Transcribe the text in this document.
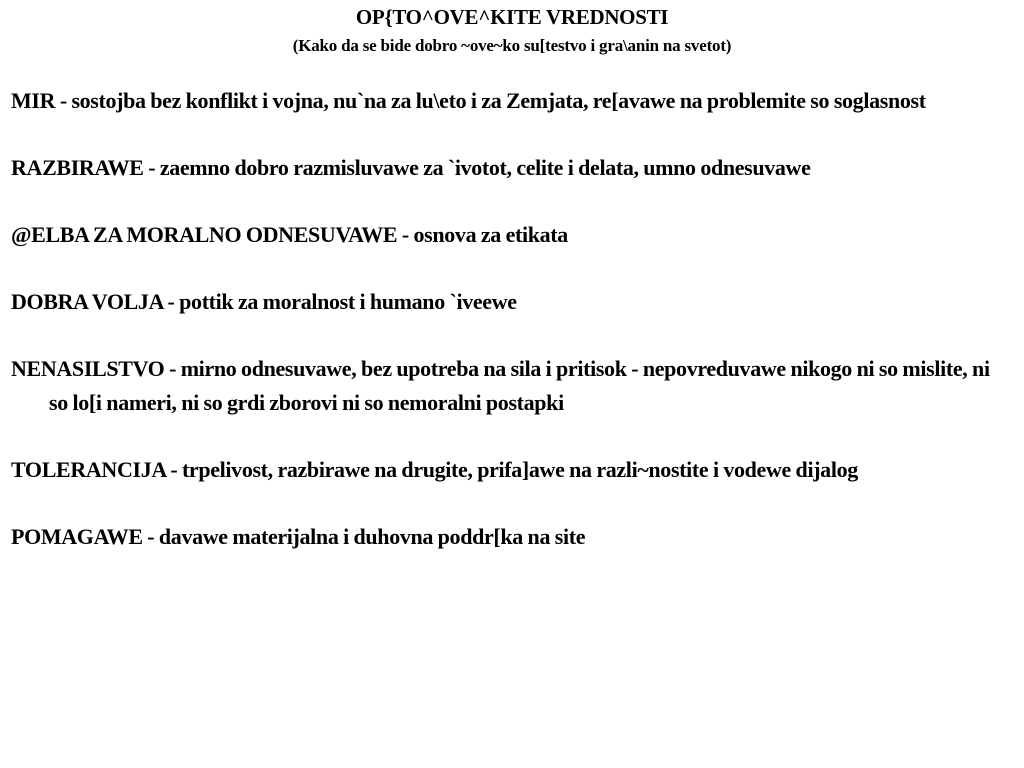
OP{TO^OVE^KITE VREDNOSTI
(Kako da se bide dobro ~ove~ko su[testvo i gra\anin na svetot)
MIR - sostojba bez konflikt i vojna, nu`na za lu\eto i za Zemjata, re[avawe na problemite so soglasnost
RAZBIRAWE - zaemno dobro razmisluvawe za `ivotot, celite i delata, umno odnesuvawe
@ELBA ZA MORALNO ODNESUVAWE - osnova za etikata
DOBRA VOLJA - pottik za moralnost i humano `iveewe
NENASILSTVO - mirno odnesuvawe, bez upotreba na sila i pritisok - nepovreduvawe nikogo ni so mislite, ni so lo[i nameri, ni so grdi zborovi ni so nemoralni postapki
TOLERANCIJA - trpelivost, razbirawe na drugite, prifa]awe na razli~nostite i vodewe dijalog
POMAGAWE - davawe materijalna i duhovna poddr[ka na site
